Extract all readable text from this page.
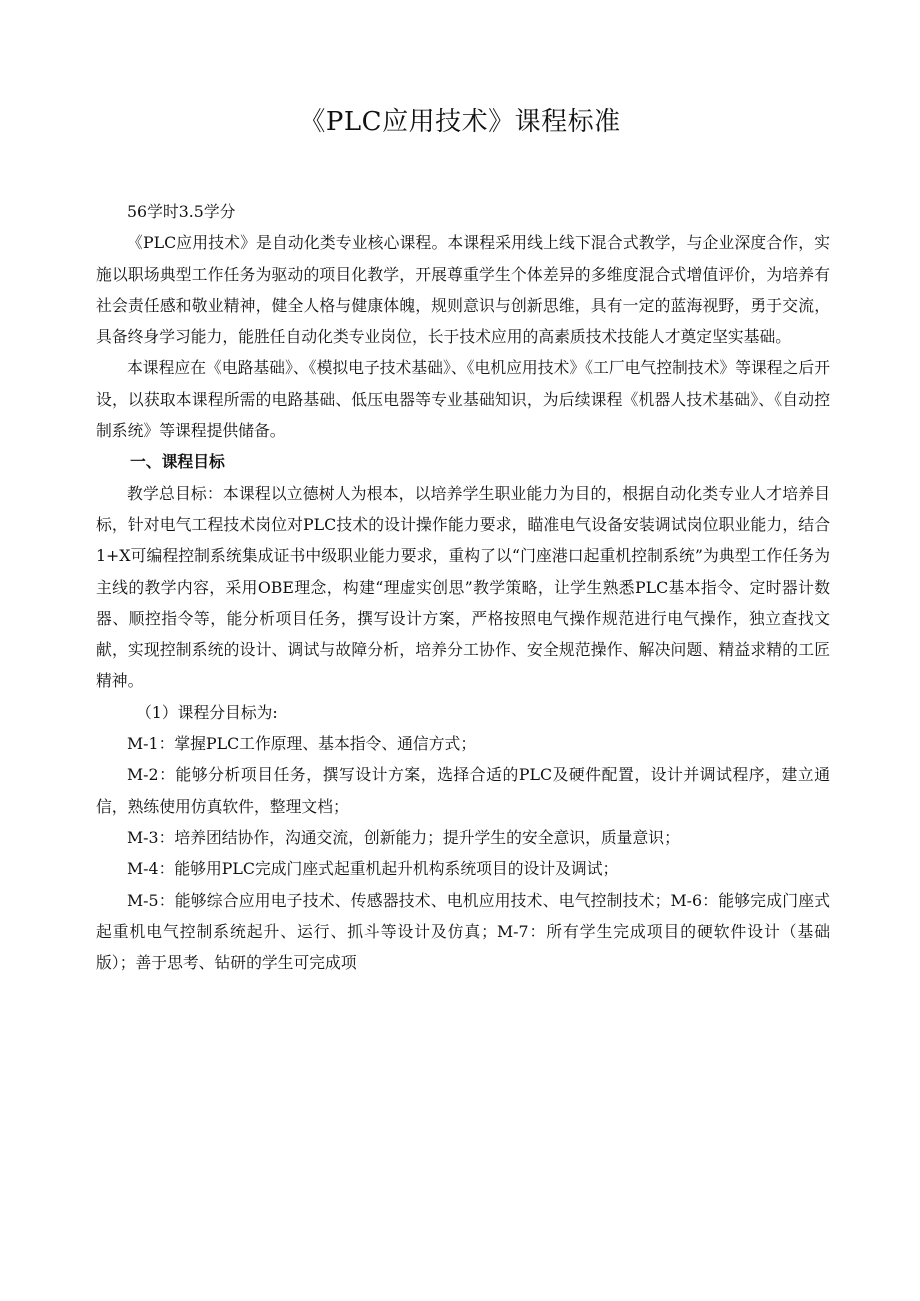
《PLC应用技术》课程标准

56学时3.5学分

《PLC应用技术》是自动化类专业核心课程。本课程采用线上线下混合式教学，与企业深度合作，实施以职场典型工作任务为驱动的项目化教学，开展尊重学生个体差异的多维度混合式增值评价，为培养有社会责任感和敬业精神，健全人格与健康体魄，规则意识与创新思维，具有一定的蓝海视野，勇于交流，具备终身学习能力，能胜任自动化类专业岗位，长于技术应用的高素质技术技能人才奠定坚实基础。

本课程应在《电路基础》、《模拟电子技术基础》、《电机应用技术》《工厂电气控制技术》等课程之后开设，以获取本课程所需的电路基础、低压电器等专业基础知识，为后续课程《机器人技术基础》、《自动控制系统》等课程提供储备。

一、课程目标

教学总目标：本课程以立德树人为根本，以培养学生职业能力为目的，根据自动化类专业人才培养目标，针对电气工程技术岗位对PLC技术的设计操作能力要求，瞄准电气设备安装调试岗位职业能力，结合1+X可编程控制系统集成证书中级职业能力要求，重构了以“门座港口起重机控制系统”为典型工作任务为主线的教学内容，采用OBE理念，构建“理虚实创思”教学策略，让学生熟悉PLC基本指令、定时器计数器、顺控指令等，能分析项目任务，撰写设计方案，严格按照电气操作规范进行电气操作，独立查找文献，实现控制系统的设计、调试与故障分析，培养分工协作、安全规范操作、解决问题、精益求精的工匠精神。

（1）课程分目标为:

M-1：掌握PLC工作原理、基本指令、通信方式；

M-2：能够分析项目任务，撰写设计方案，选择合适的PLC及硬件配置，设计并调试程序，建立通信，熟练使用仿真软件，整理文档；

M-3：培养团结协作，沟通交流，创新能力；提升学生的安全意识，质量意识；

M-4：能够用PLC完成门座式起重机起升机构系统项目的设计及调试；

M-5：能够综合应用电子技术、传感器技术、电机应用技术、电气控制技术；M-6：能够完成门座式起重机电气控制系统起升、运行、抓斗等设计及仿真；M-7：所有学生完成项目的硬软件设计（基础版）；善于思考、钻研的学生可完成项
